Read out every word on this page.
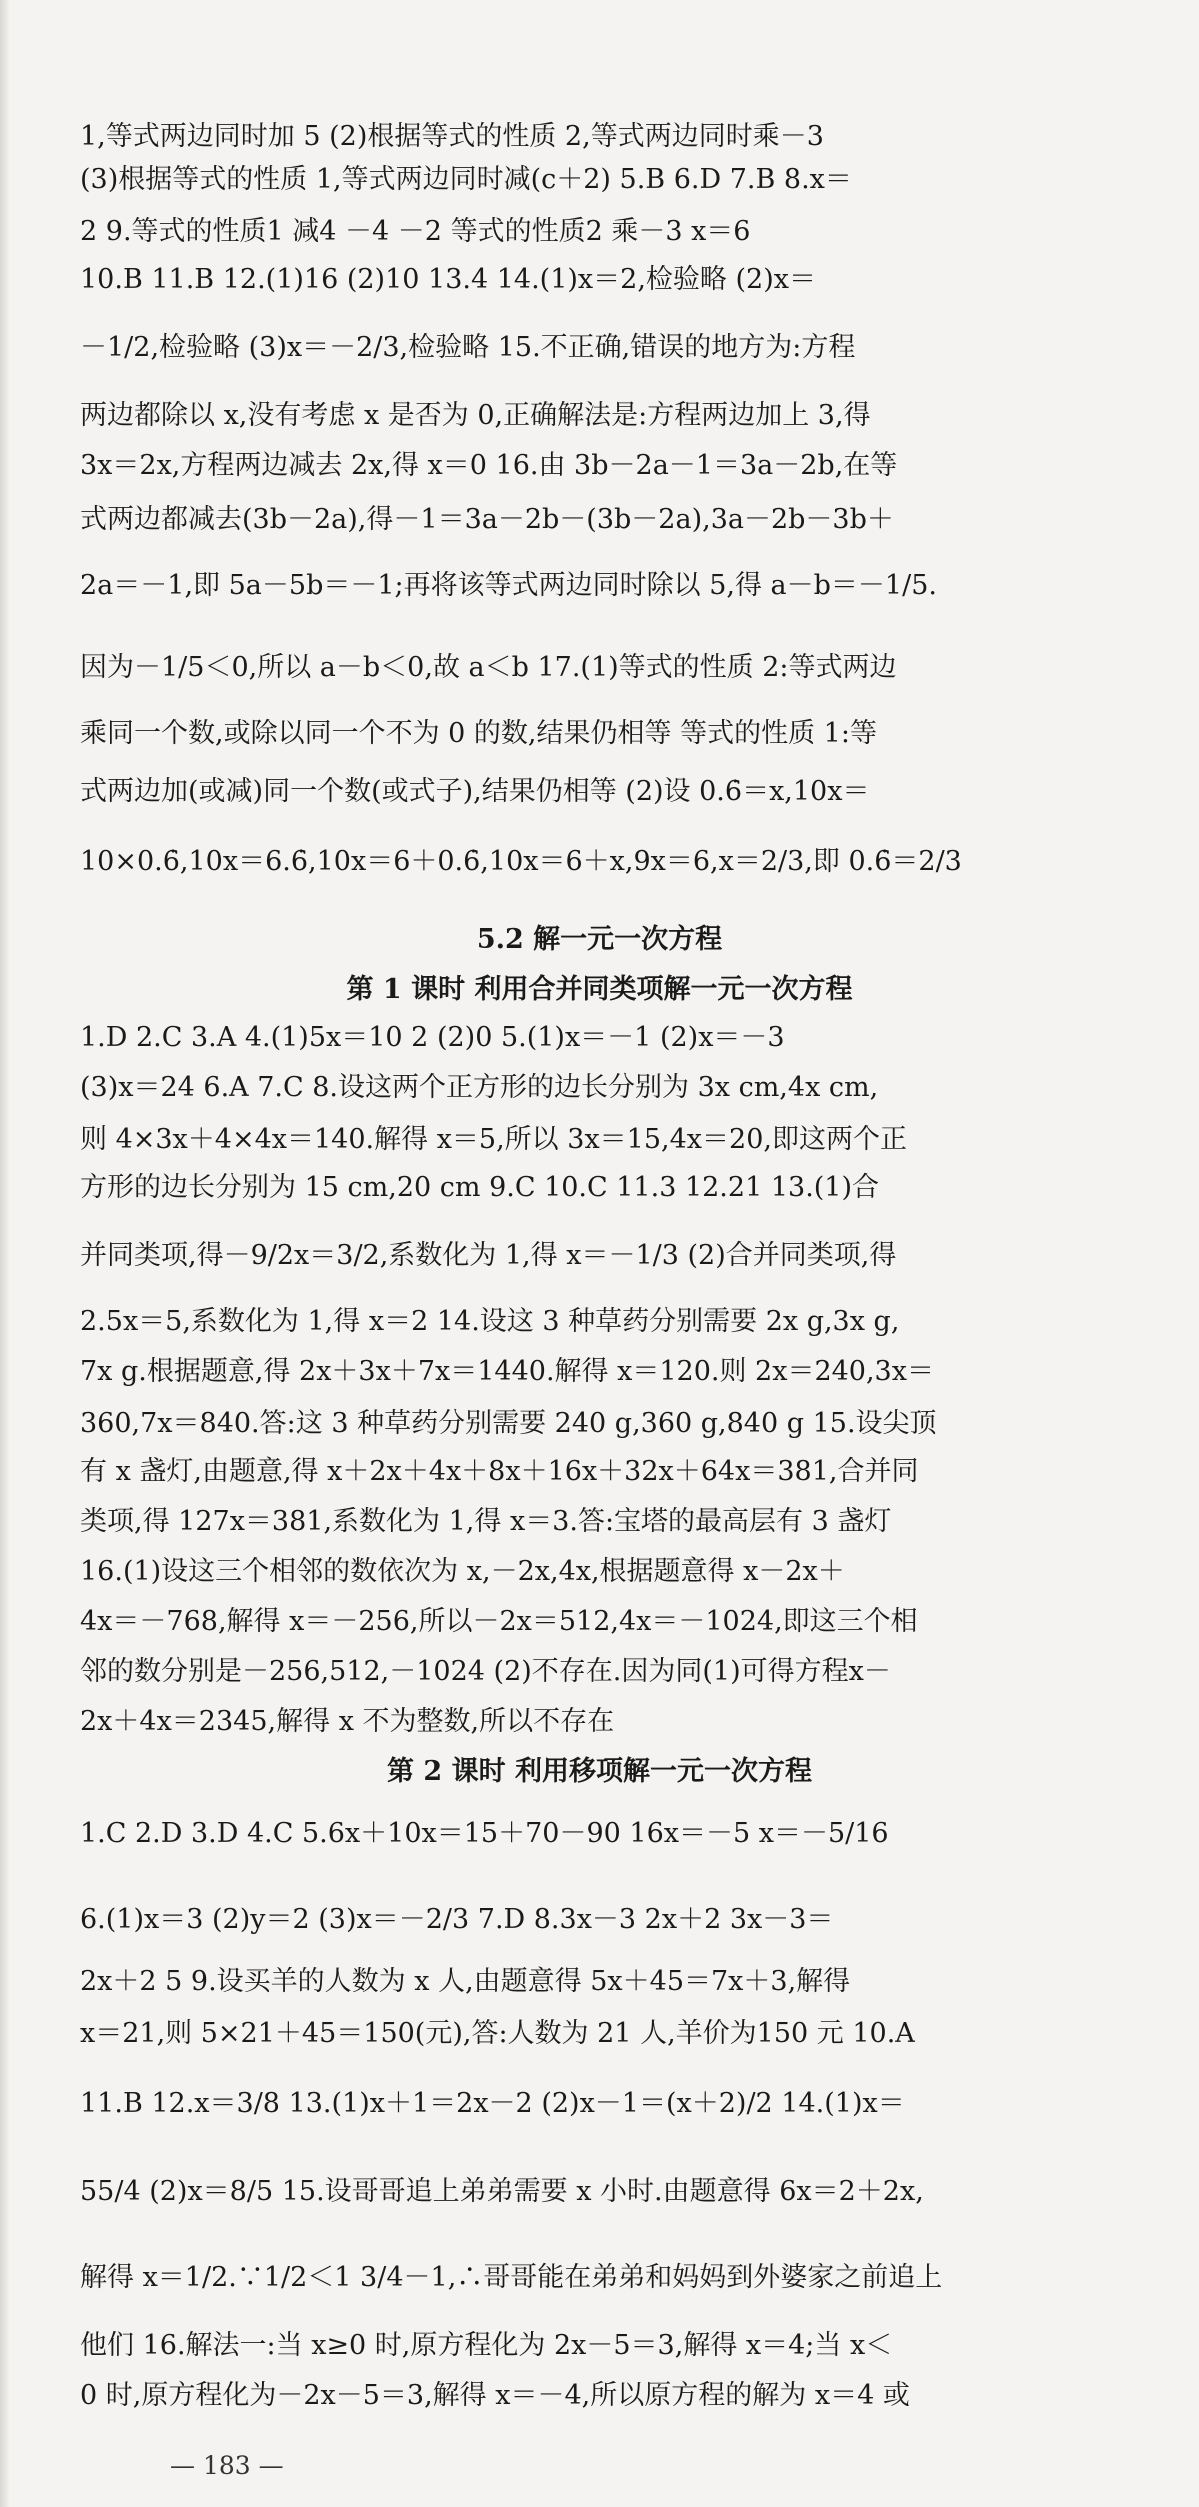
1,等式两边同时加 5 (2)根据等式的性质 2,等式两边同时乘－3
(3)根据等式的性质 1,等式两边同时减(c＋2) 5.B 6.D 7.B 8.x＝
2 9.等式的性质1 减4 －4 －2 等式的性质2 乘－3 x＝6
10.B 11.B 12.(1)16 (2)10 13.4 14.(1)x＝2,检验略 (2)x＝
－1/2,检验略 (3)x＝－2/3,检验略 15.不正确,错误的地方为:方程
两边都除以 x,没有考虑 x 是否为 0,正确解法是:方程两边加上 3,得
3x＝2x,方程两边减去 2x,得 x＝0 16.由 3b－2a－1＝3a－2b,在等
式两边都减去(3b－2a),得－1＝3a－2b－(3b－2a),3a－2b－3b＋
2a＝－1,即 5a－5b＝－1;再将该等式两边同时除以 5,得 a－b＝－1/5.
因为－1/5＜0,所以 a－b＜0,故 a＜b 17.(1)等式的性质 2:等式两边
乘同一个数,或除以同一个不为 0 的数,结果仍相等 等式的性质 1:等
式两边加(或减)同一个数(或式子),结果仍相等 (2)设 0.6̇＝x,10x＝
10×0.6̇,10x＝6.6̇,10x＝6＋0.6̇,10x＝6＋x,9x＝6,x＝2/3,即 0.6̇＝2/3
5.2 解一元一次方程
第 1 课时 利用合并同类项解一元一次方程
1.D 2.C 3.A 4.(1)5x＝10 2 (2)0 5.(1)x＝－1 (2)x＝－3
(3)x＝24 6.A 7.C 8.设这两个正方形的边长分别为 3x cm,4x cm,
则 4×3x＋4×4x＝140.解得 x＝5,所以 3x＝15,4x＝20,即这两个正
方形的边长分别为 15 cm,20 cm 9.C 10.C 11.3 12.21 13.(1)合
并同类项,得－9/2x＝3/2,系数化为 1,得 x＝－1/3 (2)合并同类项,得
2.5x＝5,系数化为 1,得 x＝2 14.设这 3 种草药分别需要 2x g,3x g,
7x g.根据题意,得 2x＋3x＋7x＝1440.解得 x＝120.则 2x＝240,3x＝
360,7x＝840.答:这 3 种草药分别需要 240 g,360 g,840 g 15.设尖顶
有 x 盏灯,由题意,得 x＋2x＋4x＋8x＋16x＋32x＋64x＝381,合并同
类项,得 127x＝381,系数化为 1,得 x＝3.答:宝塔的最高层有 3 盏灯
16.(1)设这三个相邻的数依次为 x,－2x,4x,根据题意得 x－2x＋
4x＝－768,解得 x＝－256,所以－2x＝512,4x＝－1024,即这三个相
邻的数分别是－256,512,－1024 (2)不存在.因为同(1)可得方程x－
2x＋4x＝2345,解得 x 不为整数,所以不存在
第 2 课时 利用移项解一元一次方程
1.C 2.D 3.D 4.C 5.6x＋10x＝15＋70－90 16x＝－5 x＝－5/16
6.(1)x＝3 (2)y＝2 (3)x＝－2/3 7.D 8.3x－3 2x＋2 3x－3＝
2x＋2 5 9.设买羊的人数为 x 人,由题意得 5x＋45＝7x＋3,解得
x＝21,则 5×21＋45＝150(元),答:人数为 21 人,羊价为150 元 10.A
11.B 12.x＝3/8 13.(1)x＋1＝2x－2 (2)x－1＝(x＋2)/2 14.(1)x＝
55/4 (2)x＝8/5 15.设哥哥追上弟弟需要 x 小时.由题意得 6x＝2＋2x,
解得 x＝1/2.∵1/2＜1 3/4－1,∴哥哥能在弟弟和妈妈到外婆家之前追上
他们 16.解法一:当 x≥0 时,原方程化为 2x－5＝3,解得 x＝4;当 x＜
0 时,原方程化为－2x－5＝3,解得 x＝－4,所以原方程的解为 x＝4 或
— 183 —
